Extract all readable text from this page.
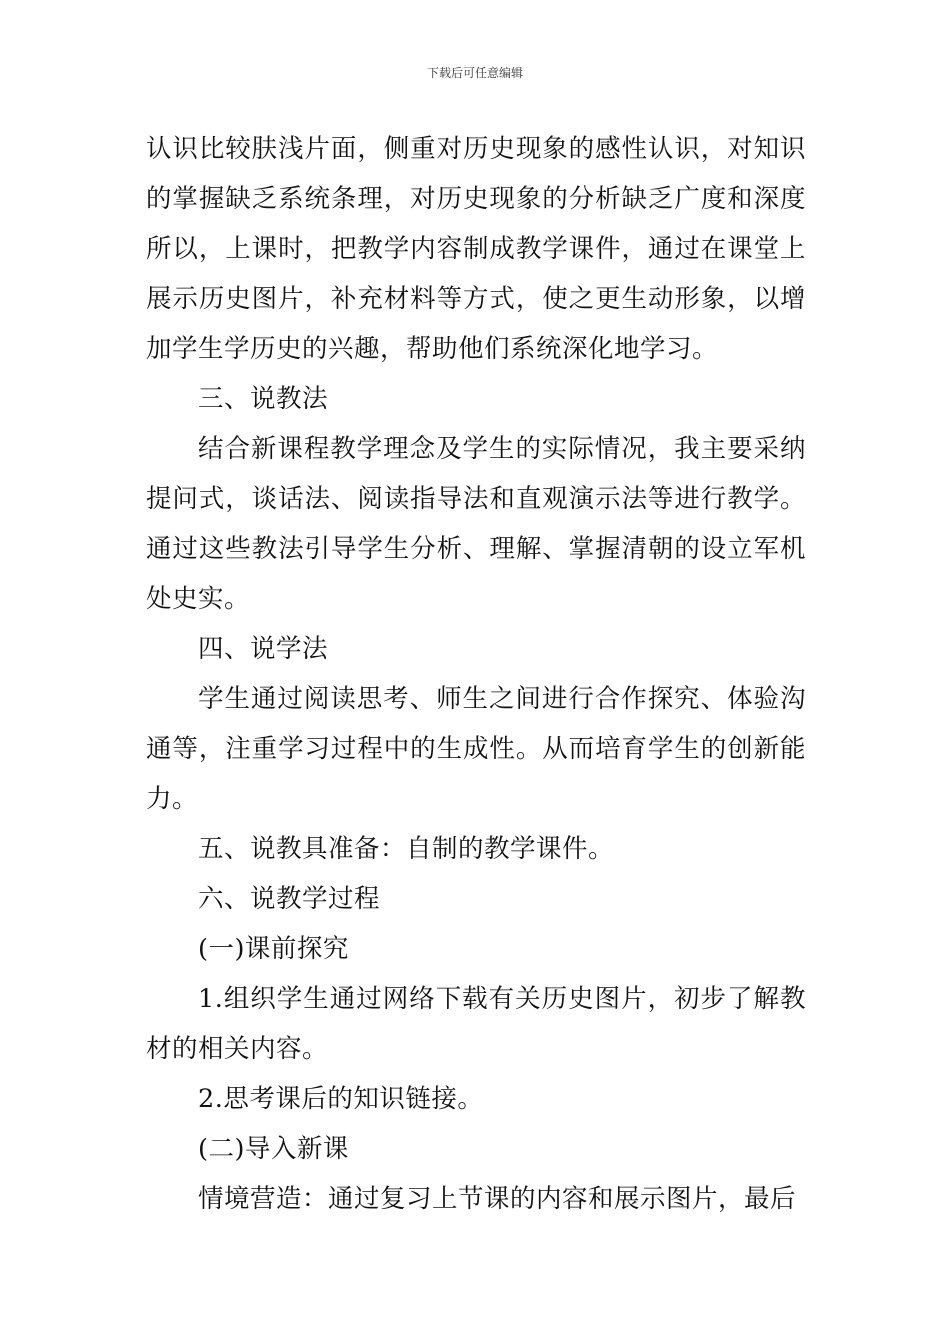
下载后可任意编辑

认识比较肤浅片面，侧重对历史现象的感性认识，对知识的掌握缺乏系统条理，对历史现象的分析缺乏广度和深度所以，上课时，把教学内容制成教学课件，通过在课堂上展示历史图片，补充材料等方式，使之更生动形象，以增加学生学历史的兴趣，帮助他们系统深化地学习。

三、说教法

结合新课程教学理念及学生的实际情况，我主要采纳提问式，谈话法、阅读指导法和直观演示法等进行教学。通过这些教法引导学生分析、理解、掌握清朝的设立军机处史实。

四、说学法

学生通过阅读思考、师生之间进行合作探究、体验沟通等，注重学习过程中的生成性。从而培育学生的创新能力。

五、说教具准备：自制的教学课件。

六、说教学过程

(一)课前探究

1.组织学生通过网络下载有关历史图片，初步了解教材的相关内容。

2.思考课后的知识链接。

(二)导入新课

情境营造：通过复习上节课的内容和展示图片，最后
